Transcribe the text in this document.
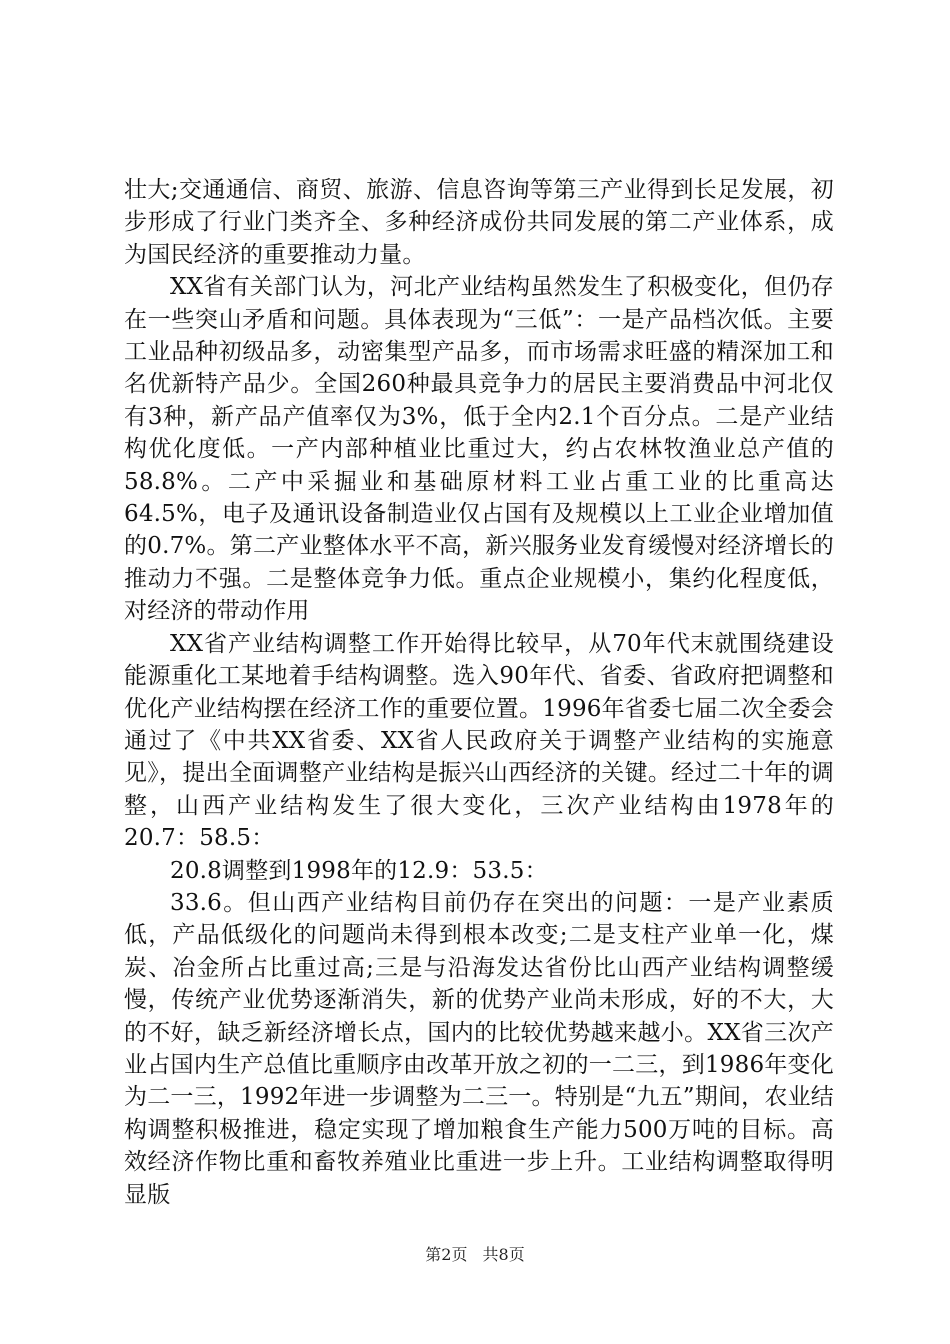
壮大;交通通信、商贸、旅游、信息咨询等第三产业得到长足发展，初步形成了行业门类齐全、多种经济成份共同发展的第二产业体系，成为国民经济的重要推动力量。

XX省有关部门认为，河北产业结构虽然发生了积极变化，但仍存在一些突山矛盾和问题。具体表现为“三低”：一是产品档次低。主要工业品种初级品多，动密集型产品多，而市场需求旺盛的精深加工和名优新特产品少。全国260种最具竞争力的居民主要消费品中河北仅有3种，新产品产值率仅为3%，低于全内2.1个百分点。二是产业结构优化度低。一产内部种植业比重过大，约占农林牧渔业总产值的58.8%。二产中采掘业和基础原材料工业占重工业的比重高达64.5%，电子及通讯设备制造业仅占国有及规模以上工业企业增加值的0.7%。第二产业整体水平不高，新兴服务业发育缓慢对经济增长的推动力不强。二是整体竞争力低。重点企业规模小，集约化程度低，对经济的带动作用

XX省产业结构调整工作开始得比较早，从70年代末就围绕建设能源重化工某地着手结构调整。选入90年代、省委、省政府把调整和优化产业结构摆在经济工作的重要位置。1996年省委七届二次全委会通过了《中共XX省委、XX省人民政府关于调整产业结构的实施意见》，提出全面调整产业结构是振兴山西经济的关键。经过二十年的调整，山西产业结构发生了很大变化，三次产业结构由1978年的20.7：58.5：

20.8调整到1998年的12.9：53.5：

33.6。但山西产业结构目前仍存在突出的问题：一是产业素质低，产品低级化的问题尚未得到根本改变;二是支柱产业单一化，煤炭、冶金所占比重过高;三是与沿海发达省份比山西产业结构调整缓慢，传统产业优势逐渐消失，新的优势产业尚未形成，好的不大，大的不好，缺乏新经济增长点，国内的比较优势越来越小。XX省三次产业占国内生产总值比重顺序由改革开放之初的一二三，到1986年变化为二一三，1992年进一步调整为二三一。特别是“九五”期间，农业结构调整积极推进，稳定实现了增加粮食生产能力500万吨的目标。高效经济作物比重和畜牧养殖业比重进一步上升。工业结构调整取得明显版

第2页 共8页
